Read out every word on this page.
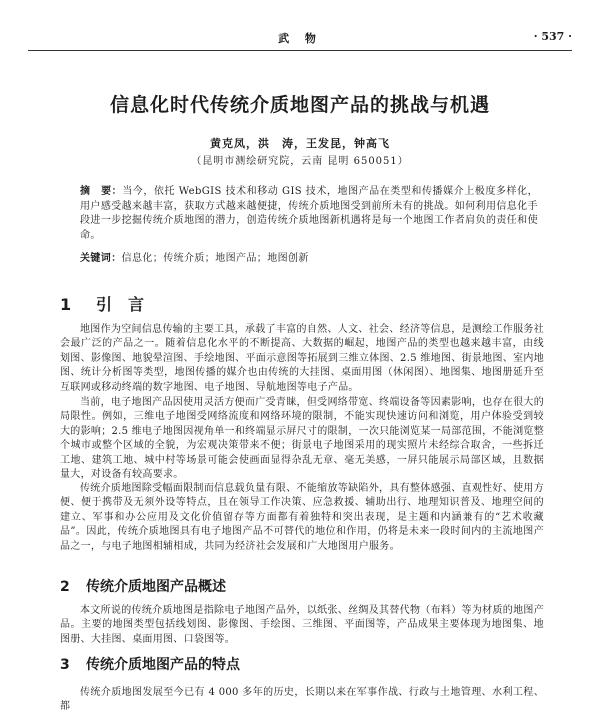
武 物	· 537 ·
信息化时代传统介质地图产品的挑战与机遇
黄克凤，洪　涛，王发昆，钟高飞
（昆明市测绘研究院，云南 昆明 650051）
摘　要：当今，依托 WebGIS 技术和移动 GIS 技术，地图产品在类型和传播媒介上极度多样化，用户感受越来越丰富，获取方式越来越便捷，传统介质地图受到前所未有的挑战。如何利用信息化手段进一步挖掘传统介质地图的潜力，创造传统介质地图新机遇将是每一个地图工作者肩负的责任和使命。
关键词：信息化；传统介质；地图产品；地图创新
1 引　言
地图作为空间信息传输的主要工具，承载了丰富的自然、人文、社会、经济等信息，是测绘工作服务社会最广泛的产品之一。随着信息化水平的不断提高、大数据的崛起，地图产品的类型也越来越丰富，由线划图、影像图、地貌晕渲图、手绘地图、平面示意图等拓展到三维立体图、2.5 维地图、街景地图、室内地图、统计分析图等类型，地图传播的媒介也由传统的大挂图、桌面用图（休闲图）、地图集、地图册延升至互联网或移动终端的数字地图、电子地图、导航地图等电子产品。
当前，电子地图产品因使用灵活方便而广受青睐，但受网络带宽、终端设备等因素影响，也存在很大的局限性。例如，三维电子地图受网络流度和网络环境的限制，不能实现快速访问和浏览，用户体验受到较大的影响；2.5 维电子地图因视角单一和终端显示屏尺寸的限制，一次只能浏览某一局部范围，不能浏览整个城市或整个区域的全貌，为宏观决策带来不便；街景电子地图采用的现实照片未经综合取舍，一些拆迁工地、建筑工地、城中村等场景可能会使画面显得杂乱无章、毫无美感，一屏只能展示局部区域，且数据量大，对设备有较高要求。
传统介质地图除受幅面限制而信息载负量有限、不能缩放等缺陷外，具有整体感强、直观性好、使用方便、便于携带及无须外设等特点，且在领导工作决策、应急救援、辅助出行、地理知识普及、地理空间的建立、军事和办公应用及文化价值留存等方面都有着独特和突出表现，是主题和内涵兼有的“艺术收藏品”。因此，传统介质地图具有电子地图产品不可替代的地位和作用，仍将是未来一段时间内的主流地图产品之一，与电子地图相辅相成，共同为经济社会发展和广大地图用户服务。
2 传统介质地图产品概述
本文所说的传统介质地图是指除电子地图产品外，以纸张、丝绸及其替代物（布料）等为材质的地图产品。主要的地图类型包括线划图、影像图、手绘图、三维图、平面图等，产品成果主要体现为地图集、地图册、大挂图、桌面用图、口袋图等。
3 传统介质地图产品的特点
传统介质地图发展至今已有 4 000 多年的历史，长期以来在军事作战、行政与土地管理、水利工程、都
